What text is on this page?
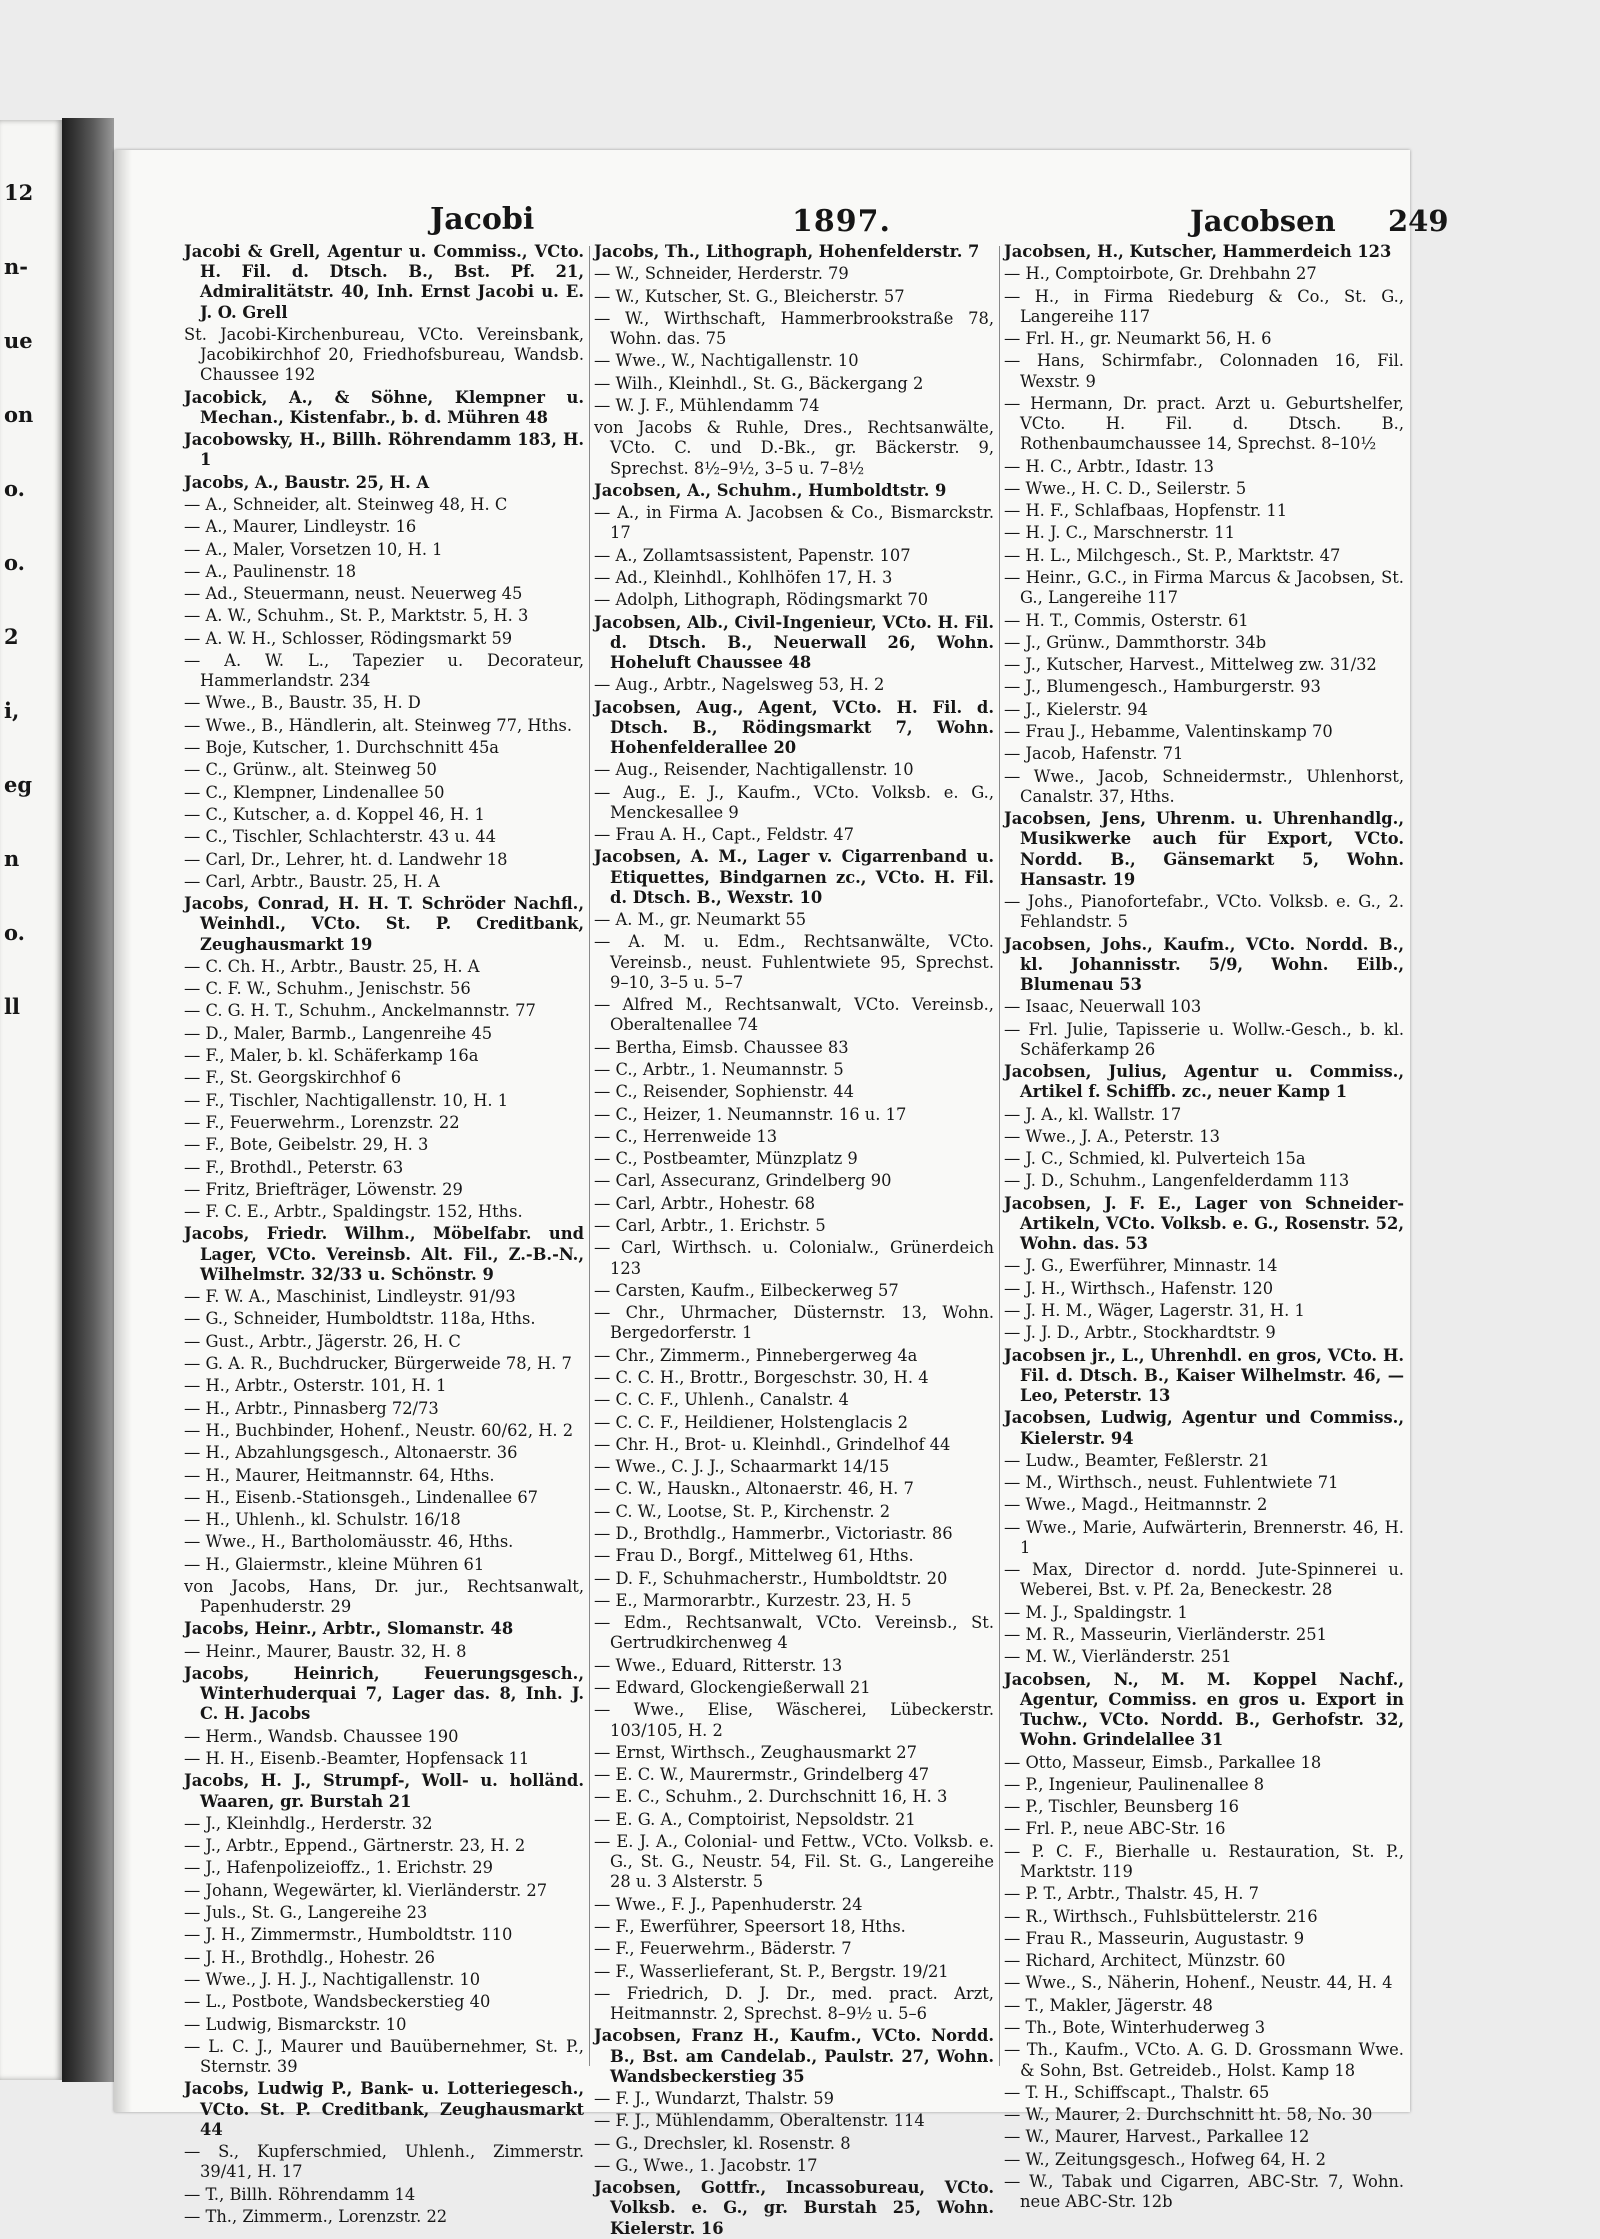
12
n-
ue
on
o.
o.
2
i,
eg
n
o.
ll
Jacobi	1897.	Jacobsen 249
Jacobi & Grell, Agentur u. Commiss., VCto. H. Fil. d. Dtsch. B., Bst. Pf. 21, Admiralitätstr. 40, Inh. Ernst Jacobi u. E. J. O. Grell
St. Jacobi-Kirchenbureau, VCto. Vereinsbank, Jacobikirchhof 20, Friedhofsbureau, Wandsb. Chaussee 192
Jacobick, A., & Söhne, Klempner u. Mechan., Kistenfabr., b. d. Mühren 48
Jacobowsky, H., Billh. Röhrendamm 183, H. 1
Jacobs, A., Baustr. 25, H. A
— A., Schneider, alt. Steinweg 48, H. C
— A., Maurer, Lindleystr. 16
— A., Maler, Vorsetzen 10, H. 1
— A., Paulinenstr. 18
— Ad., Steuermann, neust. Neuerweg 45
— A. W., Schuhm., St. P., Marktstr. 5, H. 3
— A. W. H., Schlosser, Rödingsmarkt 59
— A. W. L., Tapezier u. Decorateur, Hammerlandstr. 234
— Wwe., B., Baustr. 35, H. D
— Wwe., B., Händlerin, alt. Steinweg 77, Hths.
— Boje, Kutscher, 1. Durchschnitt 45a
— C., Grünw., alt. Steinweg 50
— C., Klempner, Lindenallee 50
— C., Kutscher, a. d. Koppel 46, H. 1
— C., Tischler, Schlachterstr. 43 u. 44
— Carl, Dr., Lehrer, ht. d. Landwehr 18
— Carl, Arbtr., Baustr. 25, H. A
Jacobs, Conrad, H. H. T. Schröder Nachfl., Weinhdl., VCto. St. P. Creditbank, Zeughausmarkt 19
— C. Ch. H., Arbtr., Baustr. 25, H. A
— C. F. W., Schuhm., Jenischstr. 56
— C. G. H. T., Schuhm., Anckelmannstr. 77
— D., Maler, Barmb., Langenreihe 45
— F., Maler, b. kl. Schäferkamp 16a
— F., St. Georgskirchhof 6
— F., Tischler, Nachtigallenstr. 10, H. 1
— F., Feuerwehrm., Lorenzstr. 22
— F., Bote, Geibelstr. 29, H. 3
— F., Brothdl., Peterstr. 63
— Fritz, Briefträger, Löwenstr. 29
— F. C. E., Arbtr., Spaldingstr. 152, Hths.
Jacobs, Friedr. Wilhm., Möbelfabr. und Lager, VCto. Vereinsb. Alt. Fil., Z.-B.-N., Wilhelmstr. 32/33 u. Schönstr. 9
— F. W. A., Maschinist, Lindleystr. 91/93
— G., Schneider, Humboldtstr. 118a, Hths.
— Gust., Arbtr., Jägerstr. 26, H. C
— G. A. R., Buchdrucker, Bürgerweide 78, H. 7
— H., Arbtr., Osterstr. 101, H. 1
— H., Arbtr., Pinnasberg 72/73
— H., Buchbinder, Hohenf., Neustr. 60/62, H. 2
— H., Abzahlungsgesch., Altonaerstr. 36
— H., Maurer, Heitmannstr. 64, Hths.
— H., Eisenb.-Stationsgeh., Lindenallee 67
— H., Uhlenh., kl. Schulstr. 16/18
— Wwe., H., Bartholomäusstr. 46, Hths.
— H., Glaiermstr., kleine Mühren 61
von Jacobs, Hans, Dr. jur., Rechtsanwalt, Papenhuderstr. 29
Jacobs, Heinr., Arbtr., Slomanstr. 48
— Heinr., Maurer, Baustr. 32, H. 8
Jacobs, Heinrich, Feuerungsgesch., Winterhuderquai 7, Lager das. 8, Inh. J. C. H. Jacobs
— Herm., Wandsb. Chaussee 190
— H. H., Eisenb.-Beamter, Hopfensack 11
Jacobs, H. J., Strumpf-, Woll- u. holländ. Waaren, gr. Burstah 21
— J., Kleinhdlg., Herderstr. 32
— J., Arbtr., Eppend., Gärtnerstr. 23, H. 2
— J., Hafenpolizeioffz., 1. Erichstr. 29
— Johann, Wegewärter, kl. Vierländerstr. 27
— Juls., St. G., Langereihe 23
— J. H., Zimmermstr., Humboldtstr. 110
— J. H., Brothdlg., Hohestr. 26
— Wwe., J. H. J., Nachtigallenstr. 10
— L., Postbote, Wandsbeckerstieg 40
— Ludwig, Bismarckstr. 10
— L. C. J., Maurer und Bauübernehmer, St. P., Sternstr. 39
Jacobs, Ludwig P., Bank- u. Lotteriegesch., VCto. St. P. Creditbank, Zeughausmarkt 44
— S., Kupferschmied, Uhlenh., Zimmerstr. 39/41, H. 17
— T., Billh. Röhrendamm 14
— Th., Zimmerm., Lorenzstr. 22
Jacobs, Th., Lithograph, Hohenfelderstr. 7
— W., Schneider, Herderstr. 79
— W., Kutscher, St. G., Bleicherstr. 57
— W., Wirthschaft, Hammerbrookstraße 78, Wohn. das. 75
— Wwe., W., Nachtigallenstr. 10
— Wilh., Kleinhdl., St. G., Bäckergang 2
— W. J. F., Mühlendamm 74
von Jacobs & Ruhle, Dres., Rechtsanwälte, VCto. C. und D.-Bk., gr. Bäckerstr. 9, Sprechst. 8½–9½, 3–5 u. 7–8½
Jacobsen, A., Schuhm., Humboldtstr. 9
— A., in Firma A. Jacobsen & Co., Bismarckstr. 17
— A., Zollamtsassistent, Papenstr. 107
— Ad., Kleinhdl., Kohlhöfen 17, H. 3
— Adolph, Lithograph, Rödingsmarkt 70
Jacobsen, Alb., Civil-Ingenieur, VCto. H. Fil. d. Dtsch. B., Neuerwall 26, Wohn. Hoheluft Chaussee 48
— Aug., Arbtr., Nagelsweg 53, H. 2
Jacobsen, Aug., Agent, VCto. H. Fil. d. Dtsch. B., Rödingsmarkt 7, Wohn. Hohenfelderallee 20
— Aug., Reisender, Nachtigallenstr. 10
— Aug., E. J., Kaufm., VCto. Volksb. e. G., Menckesallee 9
— Frau A. H., Capt., Feldstr. 47
Jacobsen, A. M., Lager v. Cigarrenband u. Etiquettes, Bindgarnen zc., VCto. H. Fil. d. Dtsch. B., Wexstr. 10
— A. M., gr. Neumarkt 55
— A. M. u. Edm., Rechtsanwälte, VCto. Vereinsb., neust. Fuhlentwiete 95, Sprechst. 9–10, 3–5 u. 5–7
— Alfred M., Rechtsanwalt, VCto. Vereinsb., Oberaltenallee 74
— Bertha, Eimsb. Chaussee 83
— C., Arbtr., 1. Neumannstr. 5
— C., Reisender, Sophienstr. 44
— C., Heizer, 1. Neumannstr. 16 u. 17
— C., Herrenweide 13
— C., Postbeamter, Münzplatz 9
— Carl, Assecuranz, Grindelberg 90
— Carl, Arbtr., Hohestr. 68
— Carl, Arbtr., 1. Erichstr. 5
— Carl, Wirthsch. u. Colonialw., Grünerdeich 123
— Carsten, Kaufm., Eilbeckerweg 57
— Chr., Uhrmacher, Düsternstr. 13, Wohn. Bergedorferstr. 1
— Chr., Zimmerm., Pinnebergerweg 4a
— C. C. H., Brottr., Borgeschstr. 30, H. 4
— C. C. F., Uhlenh., Canalstr. 4
— C. C. F., Heildiener, Holstenglacis 2
— Chr. H., Brot- u. Kleinhdl., Grindelhof 44
— Wwe., C. J. J., Schaarmarkt 14/15
— C. W., Hauskn., Altonaerstr. 46, H. 7
— C. W., Lootse, St. P., Kirchenstr. 2
— D., Brothdlg., Hammerbr., Victoriastr. 86
— Frau D., Borgf., Mittelweg 61, Hths.
— D. F., Schuhmacherstr., Humboldtstr. 20
— E., Marmorarbtr., Kurzestr. 23, H. 5
— Edm., Rechtsanwalt, VCto. Vereinsb., St. Gertrudkirchenweg 4
— Wwe., Eduard, Ritterstr. 13
— Edward, Glockengießerwall 21
— Wwe., Elise, Wäscherei, Lübeckerstr. 103/105, H. 2
— Ernst, Wirthsch., Zeughausmarkt 27
— E. C. W., Maurermstr., Grindelberg 47
— E. C., Schuhm., 2. Durchschnitt 16, H. 3
— E. G. A., Comptoirist, Nepsoldstr. 21
— E. J. A., Colonial- und Fettw., VCto. Volksb. e. G., St. G., Neustr. 54, Fil. St. G., Langereihe 28 u. 3 Alsterstr. 5
— Wwe., F. J., Papenhuderstr. 24
— F., Ewerführer, Speersort 18, Hths.
— F., Feuerwehrm., Bäderstr. 7
— F., Wasserlieferant, St. P., Bergstr. 19/21
— Friedrich, D. J. Dr., med. pract. Arzt, Heitmannstr. 2, Sprechst. 8–9½ u. 5–6
Jacobsen, Franz H., Kaufm., VCto. Nordd. B., Bst. am Candelab., Paulstr. 27, Wohn. Wandsbeckerstieg 35
— F. J., Wundarzt, Thalstr. 59
— F. J., Mühlendamm, Oberaltenstr. 114
— G., Drechsler, kl. Rosenstr. 8
— G., Wwe., 1. Jacobstr. 17
Jacobsen, Gottfr., Incassobureau, VCto. Volksb. e. G., gr. Burstah 25, Wohn. Kielerstr. 16
Jacobsen, H., Kutscher, Hammerdeich 123
— H., Comptoirbote, Gr. Drehbahn 27
— H., in Firma Riedeburg & Co., St. G., Langereihe 117
— Frl. H., gr. Neumarkt 56, H. 6
— Hans, Schirmfabr., Colonnaden 16, Fil. Wexstr. 9
— Hermann, Dr. pract. Arzt u. Geburtshelfer, VCto. H. Fil. d. Dtsch. B., Rothenbaumchaussee 14, Sprechst. 8–10½
— H. C., Arbtr., Idastr. 13
— Wwe., H. C. D., Seilerstr. 5
— H. F., Schlafbaas, Hopfenstr. 11
— H. J. C., Marschnerstr. 11
— H. L., Milchgesch., St. P., Marktstr. 47
— Heinr., G.C., in Firma Marcus & Jacobsen, St. G., Langereihe 117
— H. T., Commis, Osterstr. 61
— J., Grünw., Dammthorstr. 34b
— J., Kutscher, Harvest., Mittelweg zw. 31/32
— J., Blumengesch., Hamburgerstr. 93
— J., Kielerstr. 94
— Frau J., Hebamme, Valentinskamp 70
— Jacob, Hafenstr. 71
— Wwe., Jacob, Schneidermstr., Uhlenhorst, Canalstr. 37, Hths.
Jacobsen, Jens, Uhrenm. u. Uhrenhandlg., Musikwerke auch für Export, VCto. Nordd. B., Gänsemarkt 5, Wohn. Hansastr. 19
— Johs., Pianofortefabr., VCto. Volksb. e. G., 2. Fehlandstr. 5
Jacobsen, Johs., Kaufm., VCto. Nordd. B., kl. Johannisstr. 5/9, Wohn. Eilb., Blumenau 53
— Isaac, Neuerwall 103
— Frl. Julie, Tapisserie u. Wollw.-Gesch., b. kl. Schäferkamp 26
Jacobsen, Julius, Agentur u. Commiss., Artikel f. Schiffb. zc., neuer Kamp 1
— J. A., kl. Wallstr. 17
— Wwe., J. A., Peterstr. 13
— J. C., Schmied, kl. Pulverteich 15a
— J. D., Schuhm., Langenfelderdamm 113
Jacobsen, J. F. E., Lager von Schneider-Artikeln, VCto. Volksb. e. G., Rosenstr. 52, Wohn. das. 53
— J. G., Ewerführer, Minnastr. 14
— J. H., Wirthsch., Hafenstr. 120
— J. H. M., Wäger, Lagerstr. 31, H. 1
— J. J. D., Arbtr., Stockhardtstr. 9
Jacobsen jr., L., Uhrenhdl. en gros, VCto. H. Fil. d. Dtsch. B., Kaiser Wilhelmstr. 46, — Leo, Peterstr. 13
Jacobsen, Ludwig, Agentur und Commiss., Kielerstr. 94
— Ludw., Beamter, Feßlerstr. 21
— M., Wirthsch., neust. Fuhlentwiete 71
— Wwe., Magd., Heitmannstr. 2
— Wwe., Marie, Aufwärterin, Brennerstr. 46, H. 1
— Max, Director d. nordd. Jute-Spinnerei u. Weberei, Bst. v. Pf. 2a, Beneckestr. 28
— M. J., Spaldingstr. 1
— M. R., Masseurin, Vierländerstr. 251
— M. W., Vierländerstr. 251
Jacobsen, N., M. M. Koppel Nachf., Agentur, Commiss. en gros u. Export in Tuchw., VCto. Nordd. B., Gerhofstr. 32, Wohn. Grindelallee 31
— Otto, Masseur, Eimsb., Parkallee 18
— P., Ingenieur, Paulinenallee 8
— P., Tischler, Beunsberg 16
— Frl. P., neue ABC-Str. 16
— P. C. F., Bierhalle u. Restauration, St. P., Marktstr. 119
— P. T., Arbtr., Thalstr. 45, H. 7
— R., Wirthsch., Fuhlsbüttelerstr. 216
— Frau R., Masseurin, Augustastr. 9
— Richard, Architect, Münzstr. 60
— Wwe., S., Näherin, Hohenf., Neustr. 44, H. 4
— T., Makler, Jägerstr. 48
— Th., Bote, Winterhuderweg 3
— Th., Kaufm., VCto. A. G. D. Grossmann Wwe. & Sohn, Bst. Getreideb., Holst. Kamp 18
— T. H., Schiffscapt., Thalstr. 65
— W., Maurer, 2. Durchschnitt ht. 58, No. 30
— W., Maurer, Harvest., Parkallee 12
— W., Zeitungsgesch., Hofweg 64, H. 2
— W., Tabak und Cigarren, ABC-Str. 7, Wohn. neue ABC-Str. 12b
